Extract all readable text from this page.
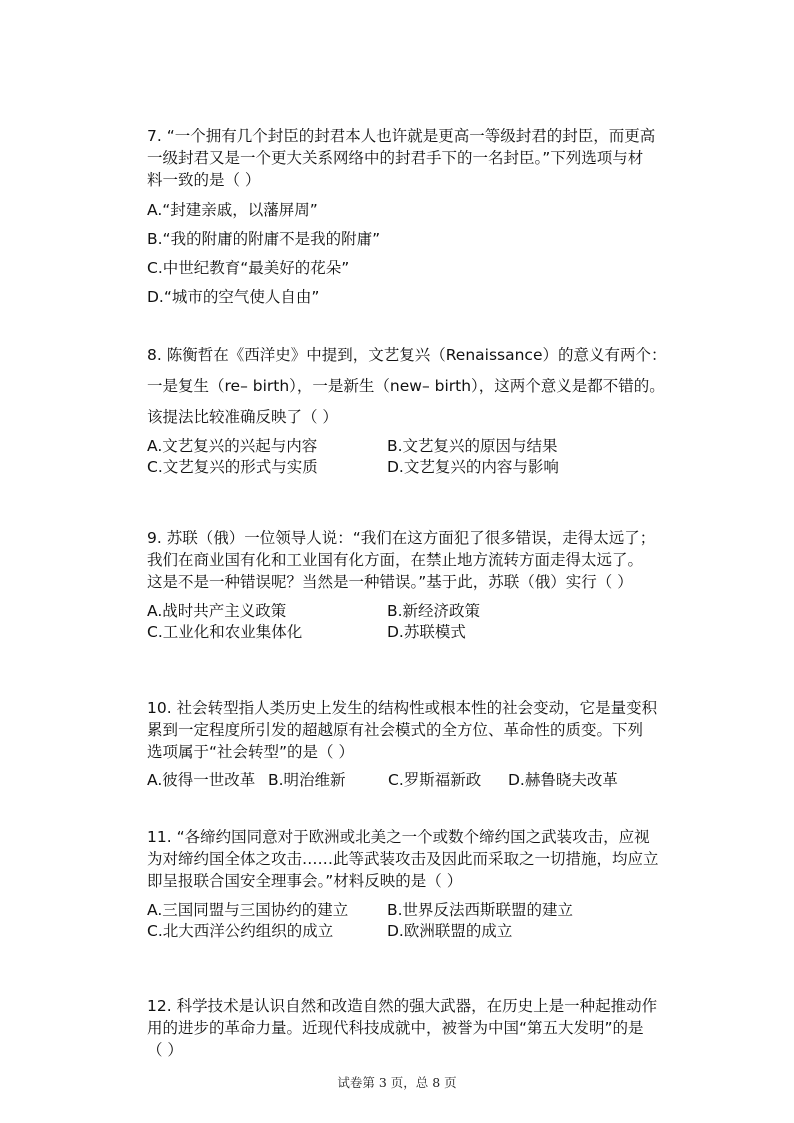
7. “一个拥有几个封臣的封君本人也许就是更高一等级封君的封臣，而更高
一级封君又是一个更大关系网络中的封君手下的一名封臣。”下列选项与材
料一致的是（ ）

A.“封建亲戚，以藩屏周”

B.“我的附庸的附庸不是我的附庸”

C.中世纪教育“最美好的花朵”

D.“城市的空气使人自由”

8. 陈衡哲在《西洋史》中提到，文艺复兴（Renaissance）的意义有两个：
一是复生（re– birth），一是新生（new– birth），这两个意义是都不错的。
该提法比较准确反映了（ ）

A.文艺复兴的兴起与内容	B.文艺复兴的原因与结果
C.文艺复兴的形式与实质	D.文艺复兴的内容与影响

9. 苏联（俄）一位领导人说：“我们在这方面犯了很多错误，走得太远了；
我们在商业国有化和工业国有化方面，在禁止地方流转方面走得太远了。
这是不是一种错误呢？当然是一种错误。”基于此，苏联（俄）实行（ ）

A.战时共产主义政策	B.新经济政策
C.工业化和农业集体化	D.苏联模式

10. 社会转型指人类历史上发生的结构性或根本性的社会变动，它是量变积
累到一定程度所引发的超越原有社会模式的全方位、革命性的质变。下列
选项属于“社会转型”的是（ ）

A.彼得一世改革 B.明治维新	C.罗斯福新政 D.赫鲁晓夫改革

11. “各缔约国同意对于欧洲或北美之一个或数个缔约国之武装攻击，应视
为对缔约国全体之攻击……此等武装攻击及因此而采取之一切措施，均应立
即呈报联合国安全理事会。”材料反映的是（ ）

A.三国同盟与三国协约的建立 B.世界反法西斯联盟的建立
C.北大西洋公约组织的成立	D.欧洲联盟的成立

12. 科学技术是认识自然和改造自然的强大武器，在历史上是一种起推动作
用的进步的革命力量。近现代科技成就中，被誉为中国“第五大发明”的是
（ ）

试卷第 3 页，总 8 页
